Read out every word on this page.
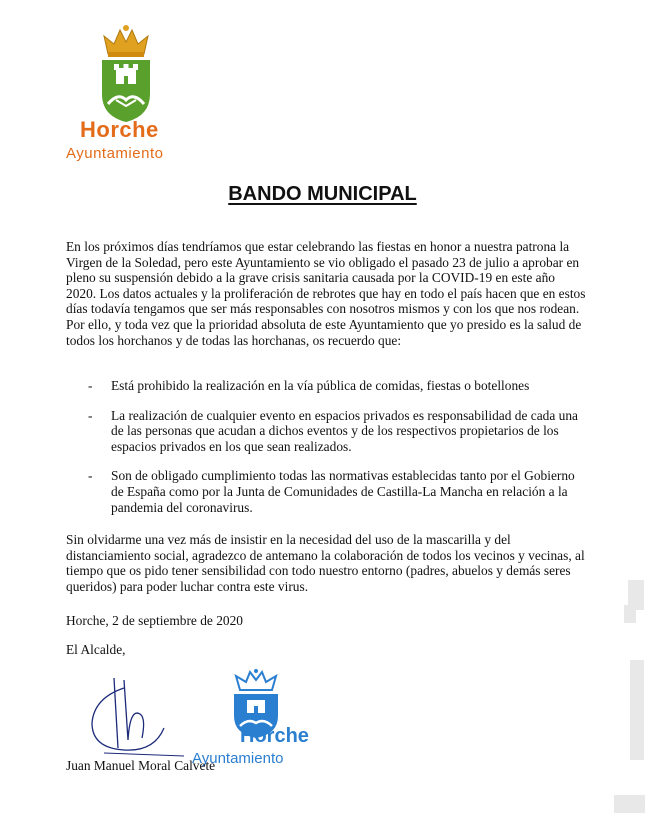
Horche
Ayuntamiento
BANDO MUNICIPAL
En los próximos días tendríamos que estar celebrando las fiestas en honor a nuestra patrona la Virgen de la Soledad, pero este Ayuntamiento se vio obligado el pasado 23 de julio a aprobar en pleno su suspensión debido a la grave crisis sanitaria causada por la COVID-19 en este año 2020. Los datos actuales y la proliferación de rebrotes que hay en todo el país hacen que en estos días todavía tengamos que ser más responsables con nosotros mismos y con los que nos rodean. Por ello, y toda vez que la prioridad absoluta de este Ayuntamiento que yo presido es la salud de todos los horchanos y de todas las horchanas, os recuerdo que:
- Está prohibido la realización en la vía pública de comidas, fiestas o botellones
- La realización de cualquier evento en espacios privados es responsabilidad de cada una de las personas que acudan a dichos eventos y de los respectivos propietarios de los espacios privados en los que sean realizados.
- Son de obligado cumplimiento todas las normativas establecidas tanto por el Gobierno de España como por la Junta de Comunidades de Castilla-La Mancha en relación a la pandemia del coronavirus.
Sin olvidarme una vez más de insistir en la necesidad del uso de la mascarilla y del distanciamiento social, agradezco de antemano la colaboración de todos los vecinos y vecinas, al tiempo que os pido tener sensibilidad con todo nuestro entorno (padres, abuelos y demás seres queridos) para poder luchar contra este virus.
Horche, 2 de septiembre de 2020
El Alcalde,
Horche
Ayuntamiento
Juan Manuel Moral Calvete
